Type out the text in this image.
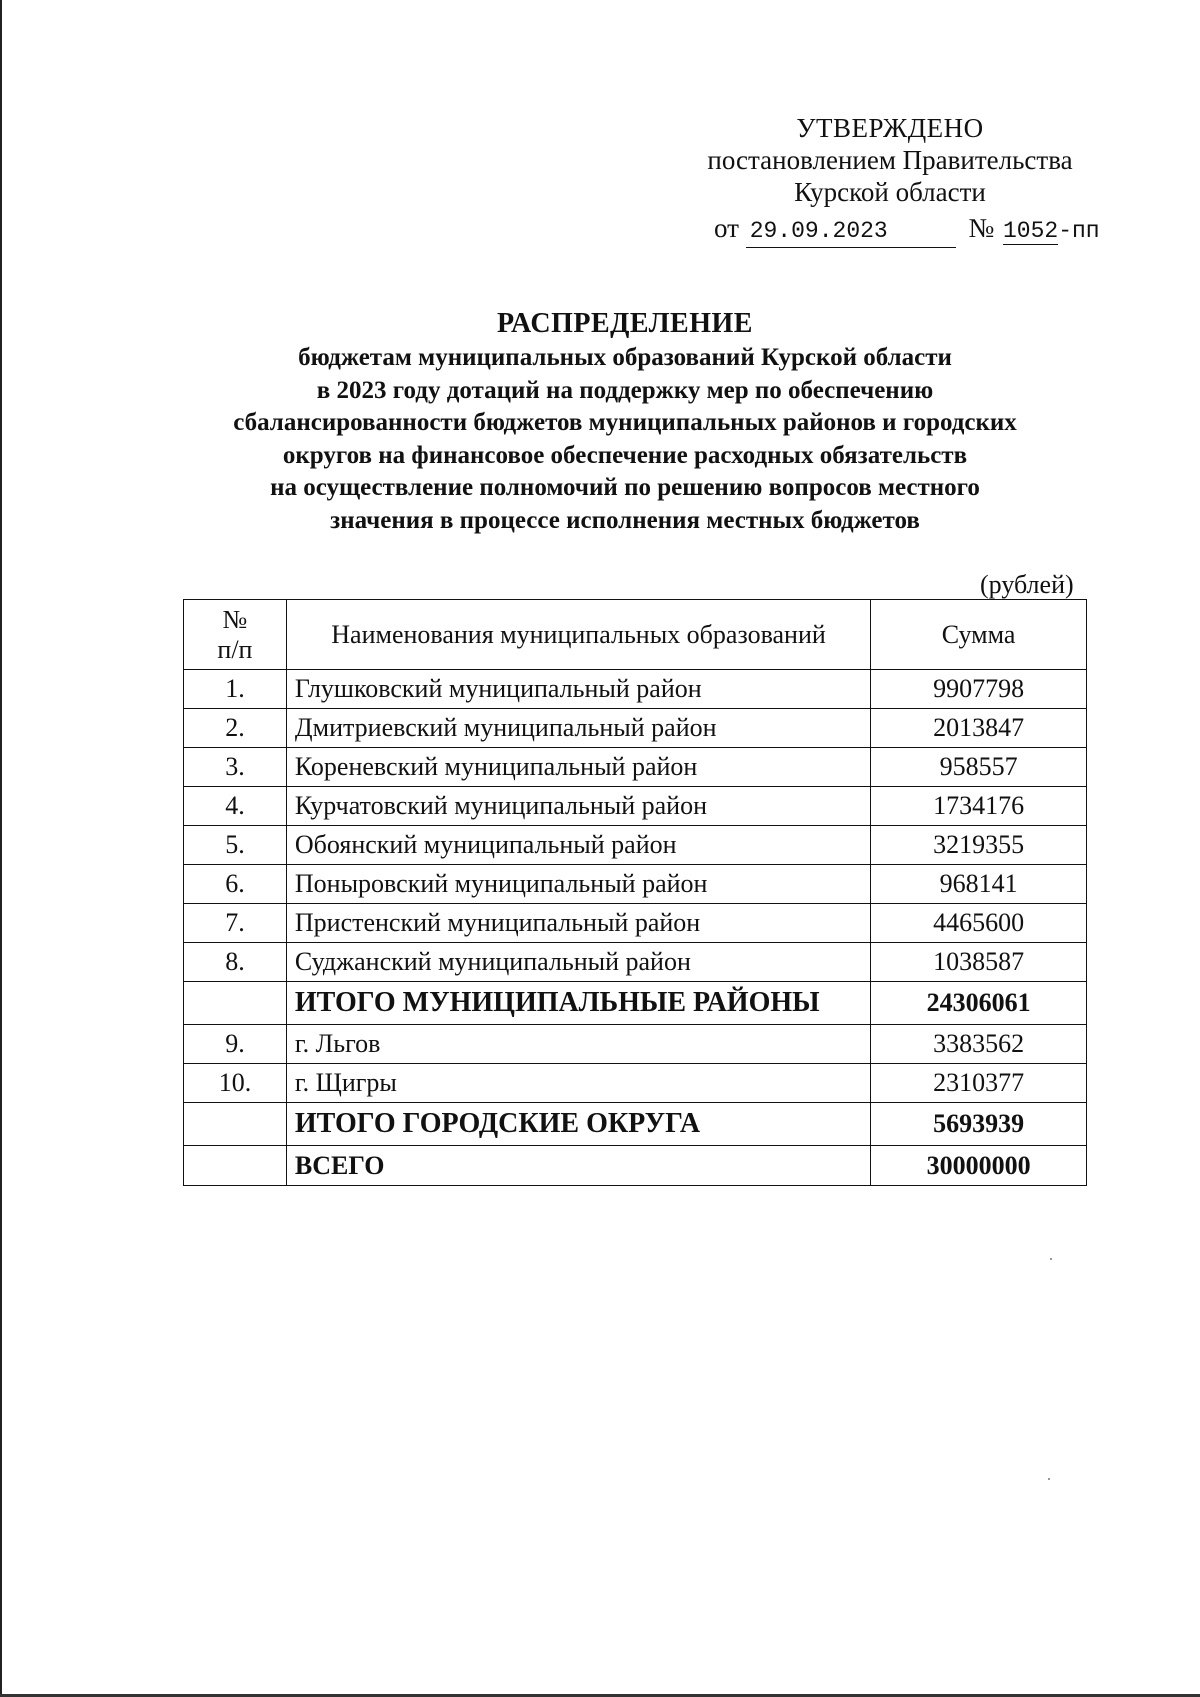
УТВЕРЖДЕНО
постановлением Правительства
Курской области
от 29.09.2023	№ 1052-пп
РАСПРЕДЕЛЕНИЕ
бюджетам муниципальных образований Курской области
в 2023 году дотаций на поддержку мер по обеспечению
сбалансированности бюджетов муниципальных районов и городских
округов на финансовое обеспечение расходных обязательств
на осуществление полномочий по решению вопросов местного
значения в процессе исполнения местных бюджетов
(рублей)
№
п/п	Наименования муниципальных образований	Сумма
1.	Глушковский муниципальный район	9907798
2.	Дмитриевский муниципальный район	2013847
3.	Кореневский муниципальный район	958557
4.	Курчатовский муниципальный район	1734176
5.	Обоянский муниципальный район	3219355
6.	Поныровский муниципальный район	968141
7.	Пристенский муниципальный район	4465600
8.	Суджанский муниципальный район	1038587
	ИТОГО МУНИЦИПАЛЬНЫЕ РАЙОНЫ	24306061
9.	г. Льгов	3383562
10.	г. Щигры	2310377
	ИТОГО ГОРОДСКИЕ ОКРУГА	5693939
	ВСЕГО	30000000
